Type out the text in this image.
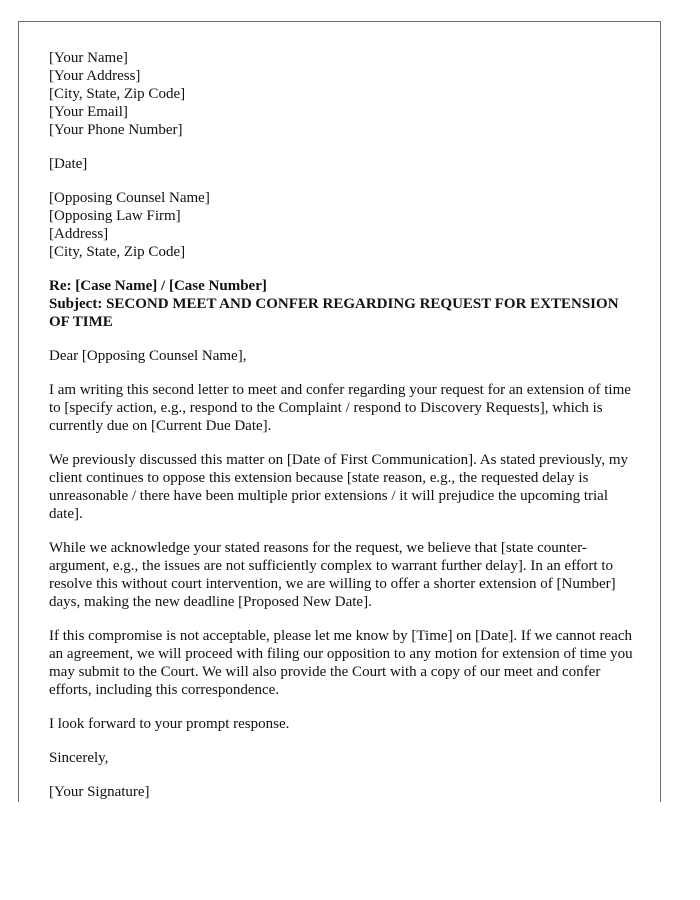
[Your Name]
[Your Address]
[City, State, Zip Code]
[Your Email]
[Your Phone Number]
[Date]
[Opposing Counsel Name]
[Opposing Law Firm]
[Address]
[City, State, Zip Code]
Re: [Case Name] / [Case Number]
Subject: SECOND MEET AND CONFER REGARDING REQUEST FOR EXTENSION OF TIME

Dear [Opposing Counsel Name],

I am writing this second letter to meet and confer regarding your request for an extension of time to [specify action, e.g., respond to the Complaint / respond to Discovery Requests], which is currently due on [Current Due Date].

We previously discussed this matter on [Date of First Communication]. As stated previously, my client continues to oppose this extension because [state reason, e.g., the requested delay is unreasonable / there have been multiple prior extensions / it will prejudice the upcoming trial date].

While we acknowledge your stated reasons for the request, we believe that [state counter-argument, e.g., the issues are not sufficiently complex to warrant further delay]. In an effort to resolve this without court intervention, we are willing to offer a shorter extension of [Number] days, making the new deadline [Proposed New Date].

If this compromise is not acceptable, please let me know by [Time] on [Date]. If we cannot reach an agreement, we will proceed with filing our opposition to any motion for extension of time you may submit to the Court. We will also provide the Court with a copy of our meet and confer efforts, including this correspondence.

I look forward to your prompt response.

Sincerely,

[Your Signature]
